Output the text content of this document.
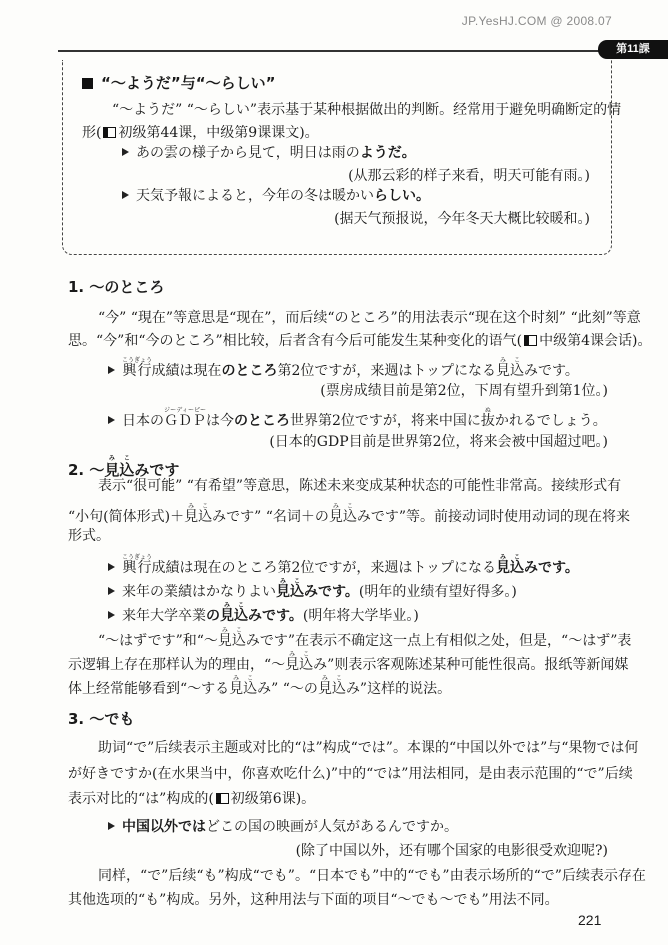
JP.YesHJ.COM @ 2008.07
第11課
“～ようだ”与“～らしい”
“～ようだ” “～らしい”表示基于某种根据做出的判断。经常用于避免明确断定的情
形( 初级第44课，中级第9课课文)。
あの雲の様子から見て，明日は雨のようだ。
(从那云彩的样子来看，明天可能有雨。)
天気予報によると，今年の冬は暖かいらしい。
(据天气预报说，今年冬天大概比较暖和。)
1. ～のところ
“今” “現在”等意思是“现在”，而后续“のところ”的用法表示“现在这个时刻” “此刻”等意
思。“今”和“今のところ”相比较，后者含有今后可能发生某种变化的语气( 中级第4课会话)。
興行こうぎょう成績は現在のところ第2位ですが，来週はトップになる見込みこみです。
(票房成绩目前是第2位，下周有望升到第1位。)
日本のＧＤＰジーディーピーは今のところ世界第2位ですが，将来中国に抜ぬかれるでしょう。
(日本的GDP目前是世界第2位，将来会被中国超过吧。)
2. ～見込みこみです
表示“很可能” “有希望”等意思，陈述未来变成某种状态的可能性非常高。接续形式有
“小句(简体形式)＋見込みこみです” “名词＋の見込みこみです”等。前接动词时使用动词的现在将来
形式。
興行こうぎょう成績は現在のところ第2位ですが，来週はトップになる見込みこみです。
来年の業績はかなりよい見込みこみです。(明年的业绩有望好得多。)
来年大学卒業の見込みこみです。(明年将大学毕业。)
“～はずです”和“～見込みこみです”在表示不确定这一点上有相似之处，但是，“～はず”表
示逻辑上存在那样认为的理由，“～見込みこみ”则表示客观陈述某种可能性很高。报纸等新闻媒
体上经常能够看到“～する見込みこみ” “～の見込みこみ”这样的说法。
3. ～でも
助词“で”后续表示主题或对比的“は”构成“では”。本课的“中国以外では”与“果物では何
が好きですか(在水果当中，你喜欢吃什么)”中的“では”用法相同，是由表示范围的“で”后续
表示对比的“は”构成的( 初级第6课)。
中国以外ではどこの国の映画が人気があるんですか。
(除了中国以外，还有哪个国家的电影很受欢迎呢?)
同样，“で”后续“も”构成“でも”。“日本でも”中的“でも”由表示场所的“で”后续表示存在
其他选项的“も”构成。另外，这种用法与下面的项目“～でも～でも”用法不同。
221
